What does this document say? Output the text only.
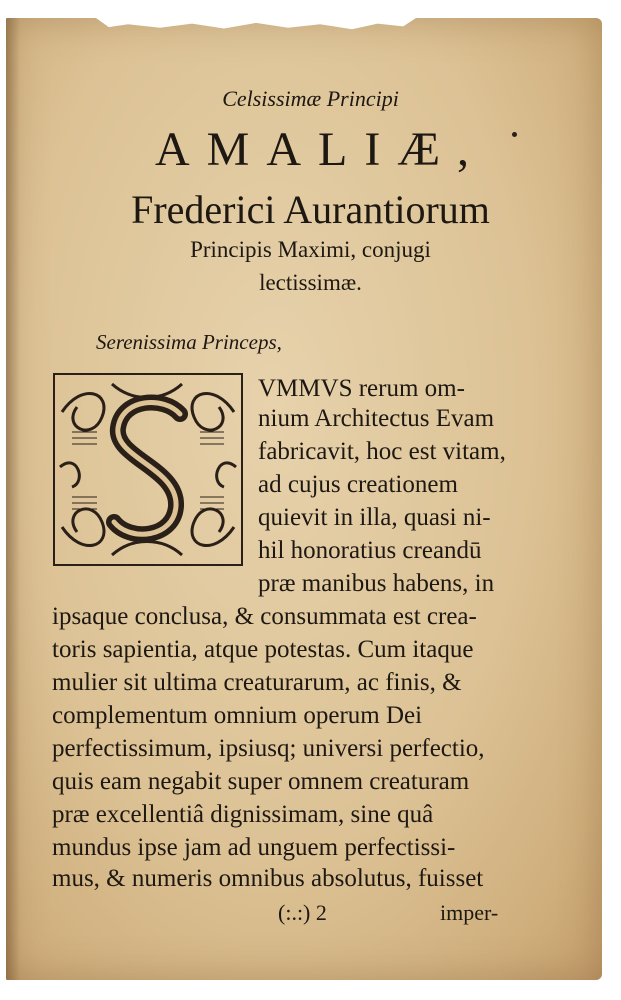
Celsissimæ Principi
AMALIÆ,
Frederici Aurantiorum
Principis Maximi, conjugi
lectissimæ.
Serenissima Princeps,
VMMVS rerum om-
nium Architectus Evam
fabricavit, hoc est vitam,
ad cujus creationem
quievit in illa, quasi ni-
hil honoratius creandū
præ manibus habens, in
ipsaque conclusa, & consummata est crea-
toris sapientia, atque potestas. Cum itaque
mulier sit ultima creaturarum, ac finis, &
complementum omnium operum Dei
perfectissimum, ipsiusq; universi perfectio,
quis eam negabit super omnem creaturam
præ excellentiâ dignissimam, sine quâ
mundus ipse jam ad unguem perfectissi-
mus, & numeris omnibus absolutus, fuisset
(:.:) 2	imper-
